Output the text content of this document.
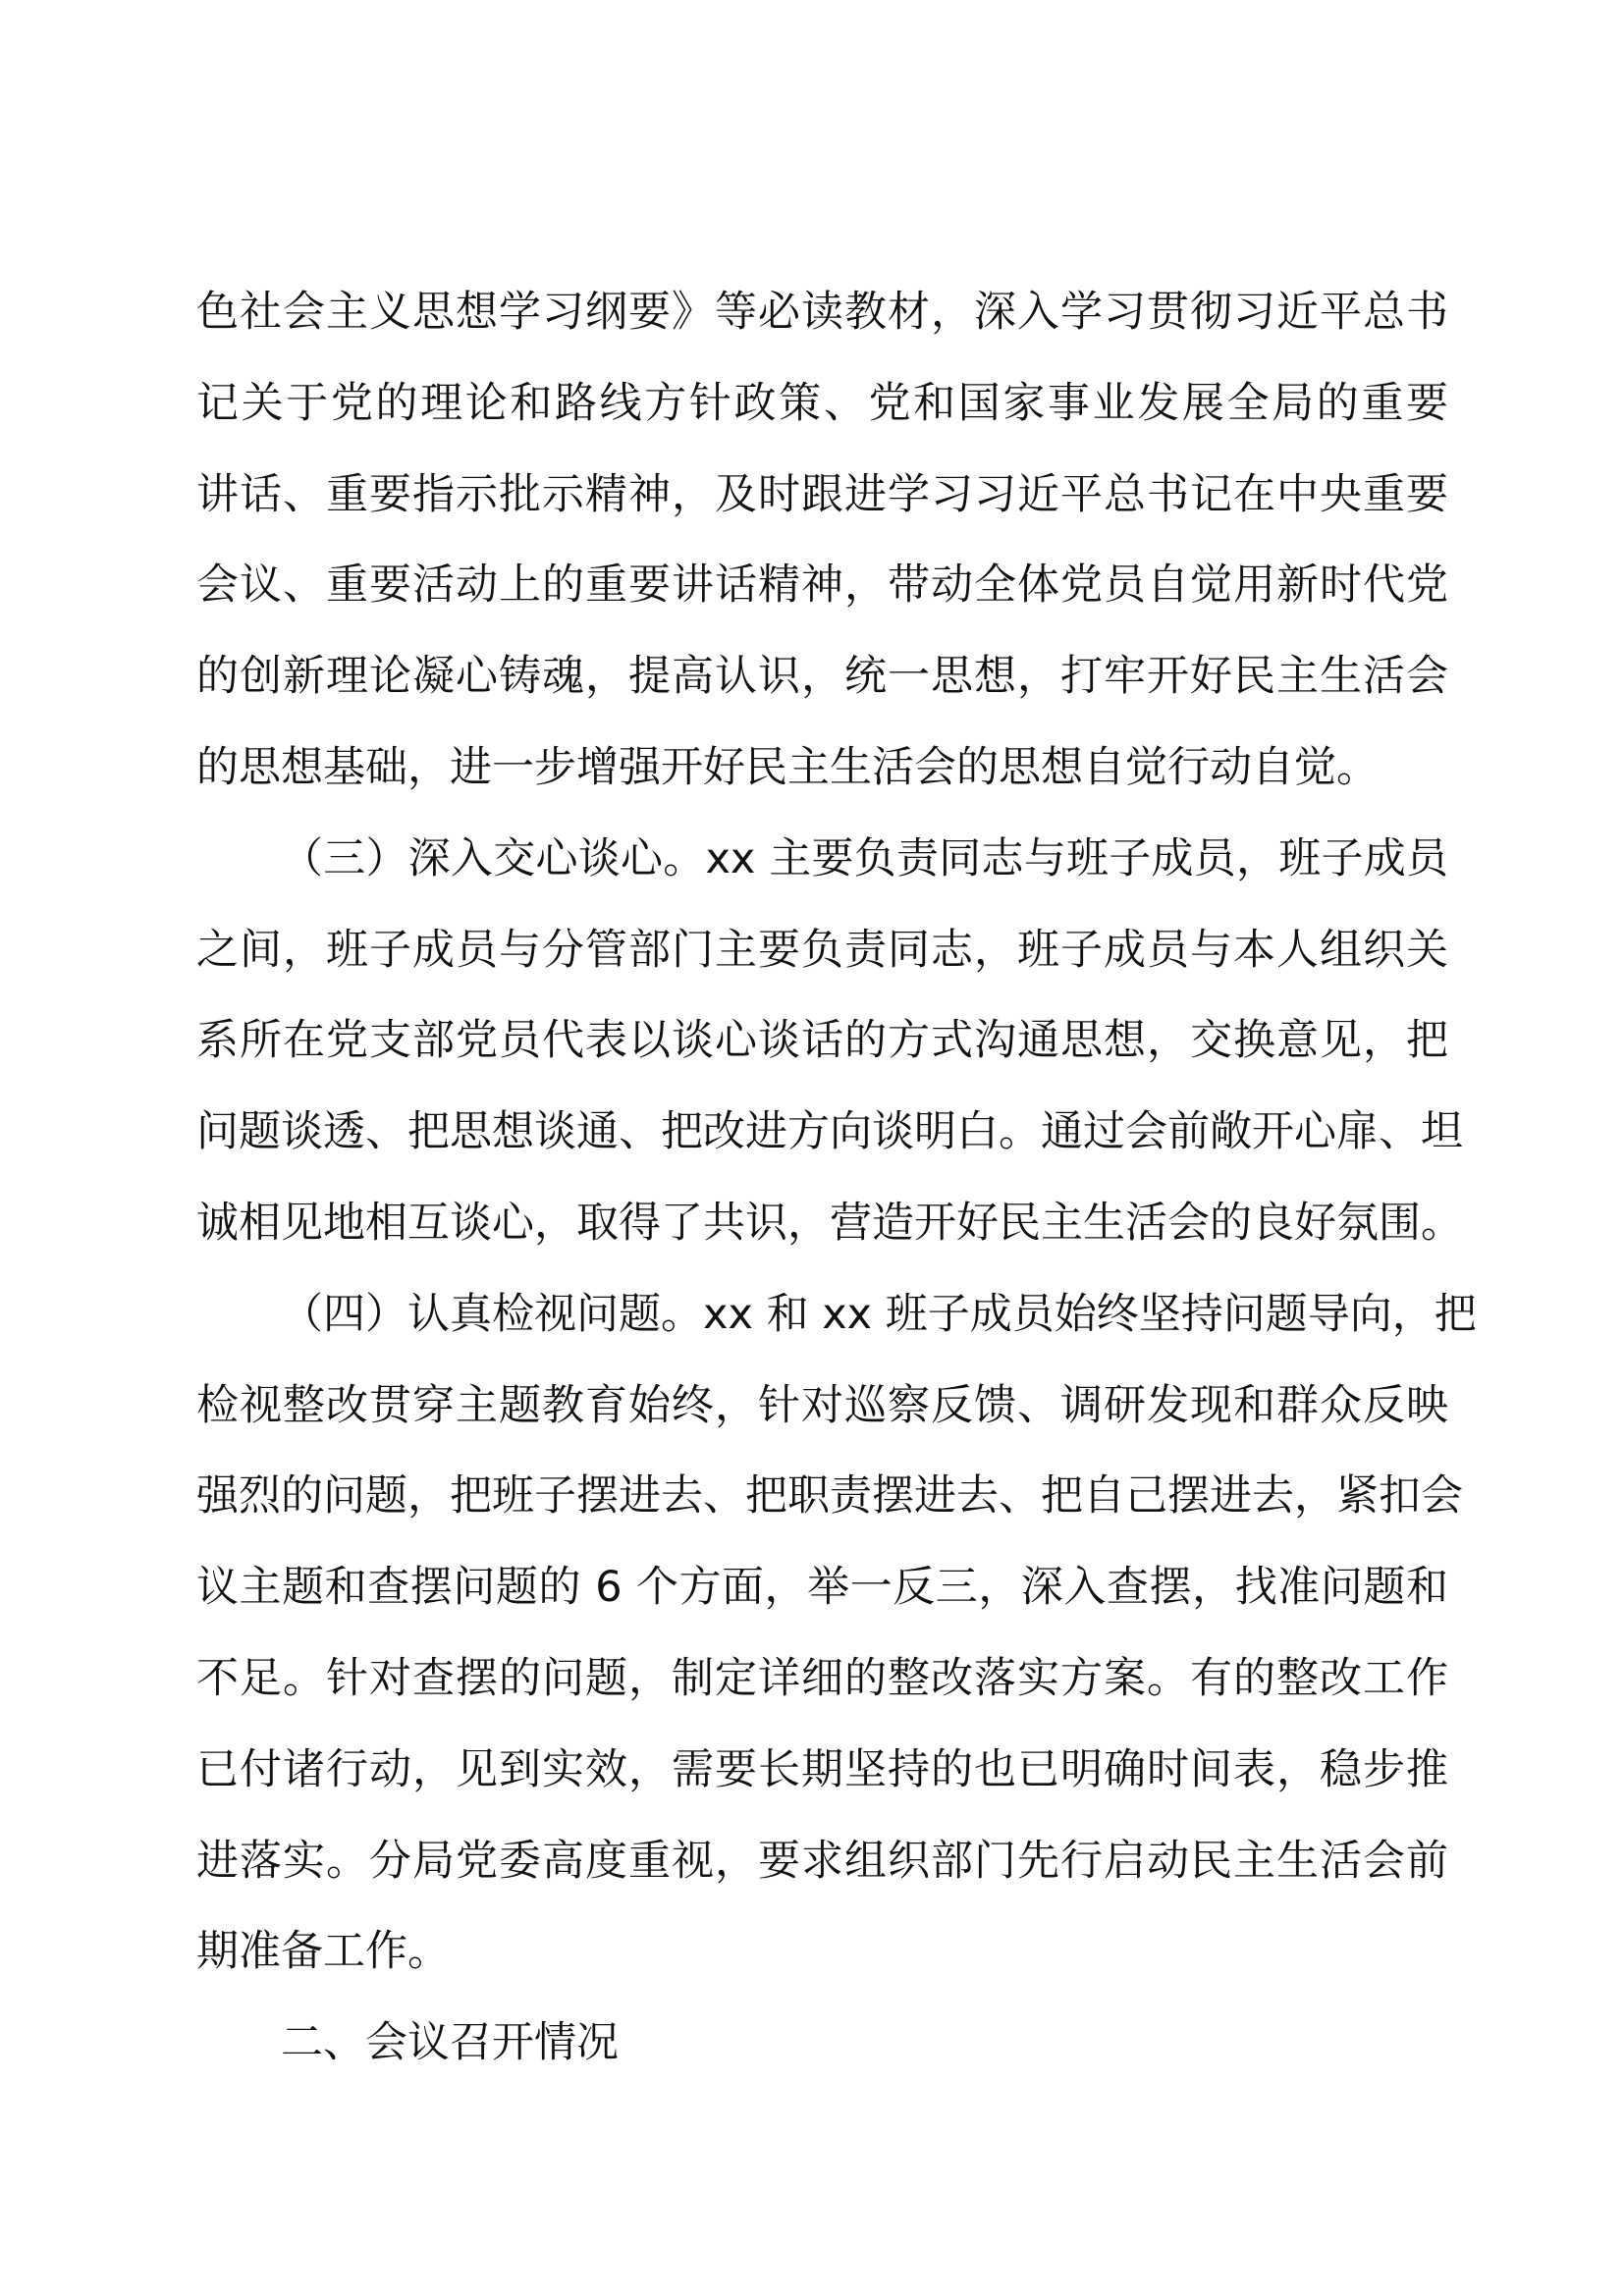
色社会主义思想学习纲要》等必读教材，深入学习贯彻习近平总书
记关于党的理论和路线方针政策、党和国家事业发展全局的重要
讲话、重要指示批示精神，及时跟进学习习近平总书记在中央重要
会议、重要活动上的重要讲话精神，带动全体党员自觉用新时代党
的创新理论凝心铸魂，提高认识，统一思想，打牢开好民主生活会
的思想基础，进一步增强开好民主生活会的思想自觉行动自觉。

（三）深入交心谈心。xx 主要负责同志与班子成员，班子成员
之间，班子成员与分管部门主要负责同志，班子成员与本人组织关
系所在党支部党员代表以谈心谈话的方式沟通思想，交换意见，把
问题谈透、把思想谈通、把改进方向谈明白。通过会前敞开心扉、坦
诚相见地相互谈心，取得了共识，营造开好民主生活会的良好氛围。

（四）认真检视问题。xx 和 xx 班子成员始终坚持问题导向，把
检视整改贯穿主题教育始终，针对巡察反馈、调研发现和群众反映
强烈的问题，把班子摆进去、把职责摆进去、把自己摆进去，紧扣会
议主题和查摆问题的 6 个方面，举一反三，深入查摆，找准问题和
不足。针对查摆的问题，制定详细的整改落实方案。有的整改工作
已付诸行动，见到实效，需要长期坚持的也已明确时间表，稳步推
进落实。分局党委高度重视，要求组织部门先行启动民主生活会前
期准备工作。

二、会议召开情况
